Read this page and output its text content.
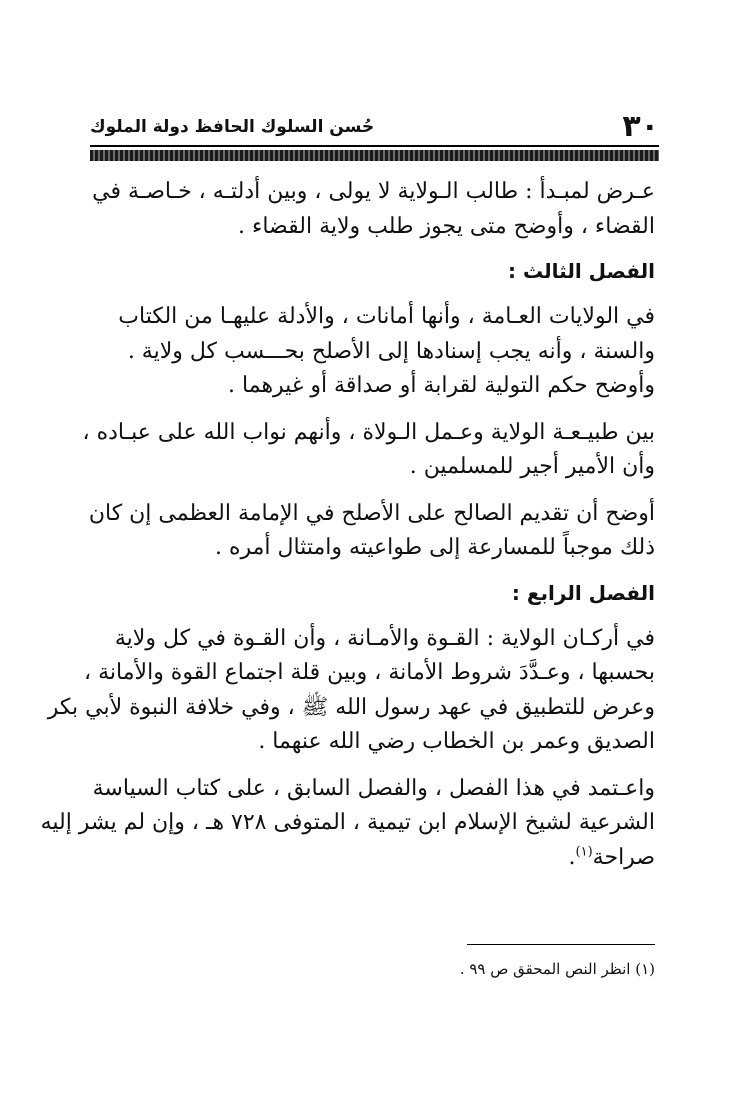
٣٠
حُسن السلوك الحافظ دولة الملوك

عـرض لمبـدأ : طالب الـولاية لا يولى ، وبين أدلتـه ، خـاصـة في
القضاء ، وأوضح متى يجوز طلب ولاية القضاء .

الفصل الثالث :

في الولايات العـامة ، وأنها أمانات ، والأدلة عليهـا من الكتاب
والسنة ، وأنه يجب إسنادها إلى الأصلح بحـــسب كل ولاية .
وأوضح حكم التولية لقرابة أو صداقة أو غيرهما .

بين طبيـعـة الولاية وعـمل الـولاة ، وأنهم نواب الله على عبـاده ،
وأن الأمير أجير للمسلمين .

أوضح أن تقديم الصالح على الأصلح في الإمامة العظمى إن كان
ذلك موجباً للمسارعة إلى طواعيته وامتثال أمره .

الفصل الرابع :

في أركـان الولاية : القـوة والأمـانة ، وأن القـوة في كل ولاية
بحسبها ، وعـدَّدَ شروط الأمانة ، وبين قلة اجتماع القوة والأمانة ،
وعرض للتطبيق في عهد رسول الله ﷺ ، وفي خلافة النبوة لأبي بكر
الصديق وعمر بن الخطاب رضي الله عنهما .

واعـتمد في هذا الفصل ، والفصل السابق ، على كتاب السياسة
الشرعية لشيخ الإسلام ابن تيمية ، المتوفى ٧٢٨ هـ ، وإن لم يشر إليه
صراحة$^{(١)}$.

(١) انظر النص المحقق ص ٩٩ .
